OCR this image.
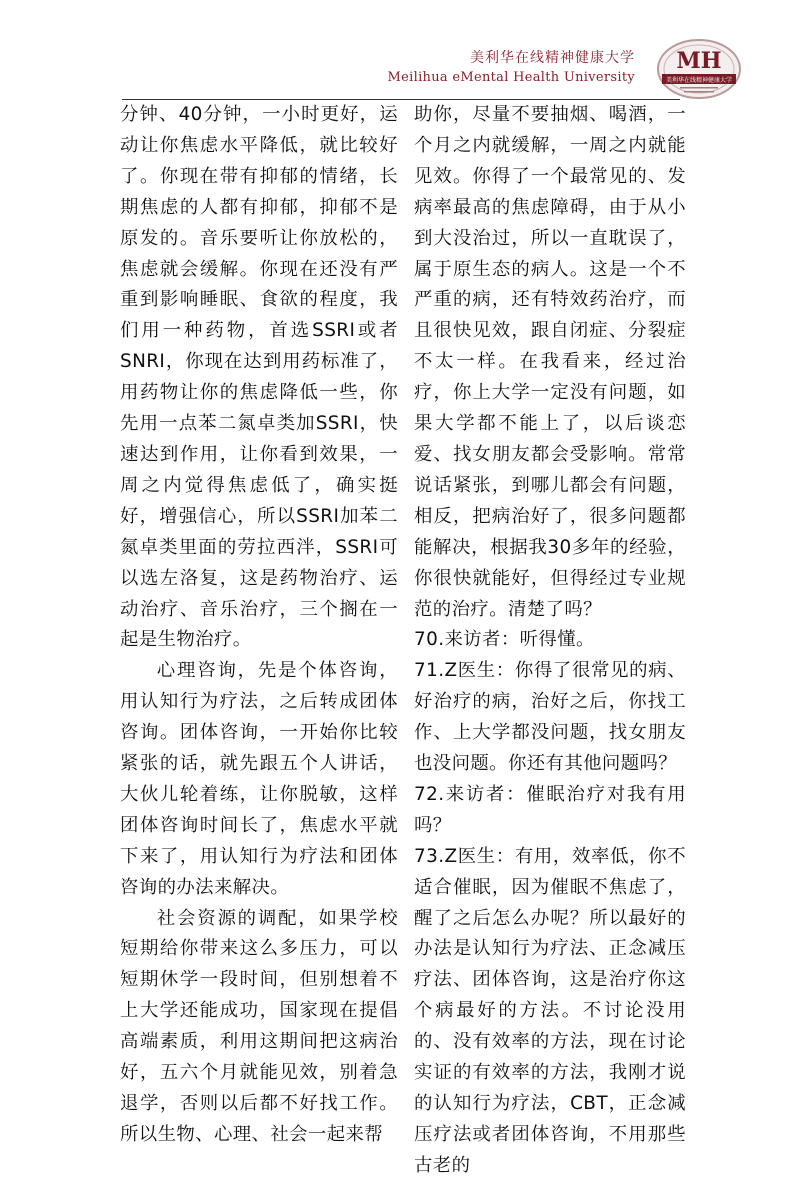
美利华在线精神健康大学
Meilihua eMental Health University
MH
美利华在线精神健康大学

分钟、40分钟，一小时更好，运动让你焦虑水平降低，就比较好了。你现在带有抑郁的情绪，长期焦虑的人都有抑郁，抑郁不是原发的。音乐要听让你放松的，焦虑就会缓解。你现在还没有严重到影响睡眠、食欲的程度，我们用一种药物，首选SSRI或者SNRI，你现在达到用药标准了，用药物让你的焦虑降低一些，你先用一点苯二氮卓类加SSRI，快速达到作用，让你看到效果，一周之内觉得焦虑低了，确实挺好，增强信心，所以SSRI加苯二氮卓类里面的劳拉西泮，SSRI可以选左洛复，这是药物治疗、运动治疗、音乐治疗，三个搁在一起是生物治疗。

心理咨询，先是个体咨询，用认知行为疗法，之后转成团体咨询。团体咨询，一开始你比较紧张的话，就先跟五个人讲话，大伙儿轮着练，让你脱敏，这样团体咨询时间长了，焦虑水平就下来了，用认知行为疗法和团体咨询的办法来解决。

社会资源的调配，如果学校短期给你带来这么多压力，可以短期休学一段时间，但别想着不上大学还能成功，国家现在提倡高端素质，利用这期间把这病治好，五六个月就能见效，别着急退学，否则以后都不好找工作。所以生物、心理、社会一起来帮

助你，尽量不要抽烟、喝酒，一个月之内就缓解，一周之内就能见效。你得了一个最常见的、发病率最高的焦虑障碍，由于从小到大没治过，所以一直耽误了，属于原生态的病人。这是一个不严重的病，还有特效药治疗，而且很快见效，跟自闭症、分裂症不太一样。在我看来，经过治疗，你上大学一定没有问题，如果大学都不能上了，以后谈恋爱、找女朋友都会受影响。常常说话紧张，到哪儿都会有问题，相反，把病治好了，很多问题都能解决，根据我30多年的经验，你很快就能好，但得经过专业规范的治疗。清楚了吗？

70.来访者：听得懂。

71.Z医生：你得了很常见的病、好治疗的病，治好之后，你找工作、上大学都没问题，找女朋友也没问题。你还有其他问题吗？

72.来访者：催眠治疗对我有用吗？

73.Z医生：有用，效率低，你不适合催眠，因为催眠不焦虑了，醒了之后怎么办呢？所以最好的办法是认知行为疗法、正念减压疗法、团体咨询，这是治疗你这个病最好的方法。不讨论没用的、没有效率的方法，现在讨论实证的有效率的方法，我刚才说的认知行为疗法，CBT，正念减压疗法或者团体咨询，不用那些古老的
